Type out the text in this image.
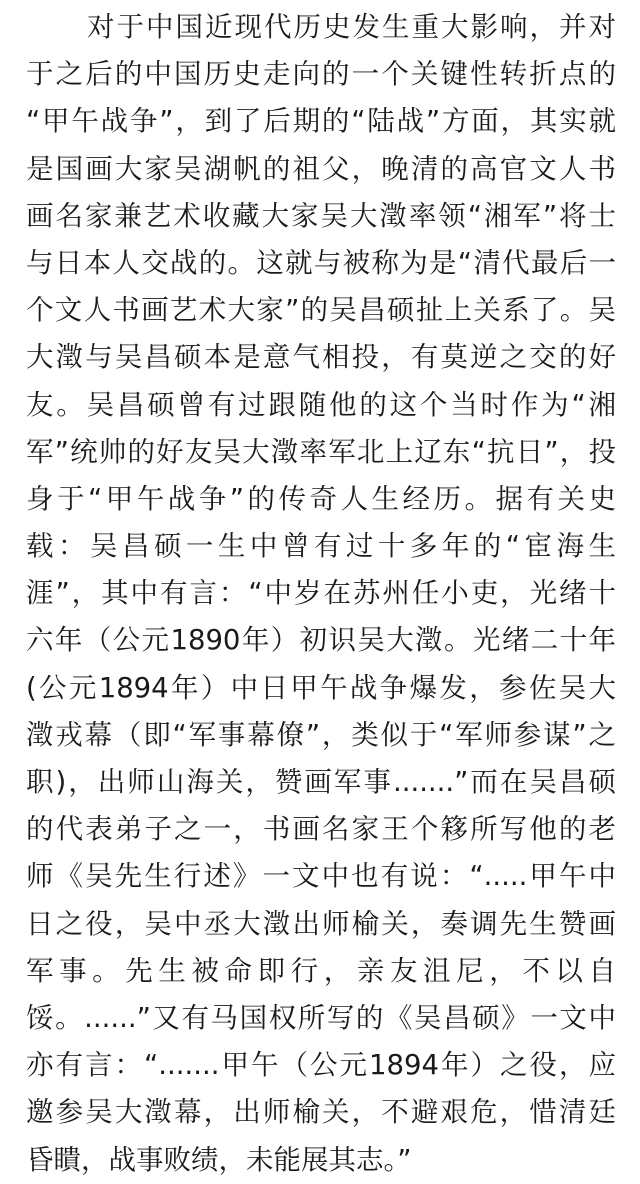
对于中国近现代历史发生重大影响，并对
于之后的中国历史走向的一个关键性转折点的
“甲午战争”，到了后期的“陆战”方面，其实就
是国画大家吴湖帆的祖父，晚清的高官文人书
画名家兼艺术收藏大家吴大澂率领“湘军”将士
与日本人交战的。这就与被称为是“清代最后一
个文人书画艺术大家”的吴昌硕扯上关系了。吴
大澂与吴昌硕本是意气相投，有莫逆之交的好
友。吴昌硕曾有过跟随他的这个当时作为“湘
军”统帅的好友吴大澂率军北上辽东“抗日”，投
身于“甲午战争”的传奇人生经历。据有关史
载：吴昌硕一生中曾有过十多年的“宦海生
涯”，其中有言：“中岁在苏州任小吏，光绪十
六年（公元1890年）初识吴大澂。光绪二十年
(公元1894年）中日甲午战争爆发，参佐吴大
澂戎幕（即“军事幕僚”，类似于“军师参谋”之
职)，出师山海关，赞画军事.......”而在吴昌硕
的代表弟子之一，书画名家王个簃所写他的老
师《吴先生行述》一文中也有说：“.....甲午中
日之役，吴中丞大澂出师榆关，奏调先生赞画
军事。先生被命即行，亲友沮尼，不以自
馁。......”又有马国权所写的《吴昌硕》一文中
亦有言：“.......甲午（公元1894年）之役，应
邀参吴大澂幕，出师榆关，不避艰危，惜清廷
昏瞶，战事败绩，未能展其志。”
